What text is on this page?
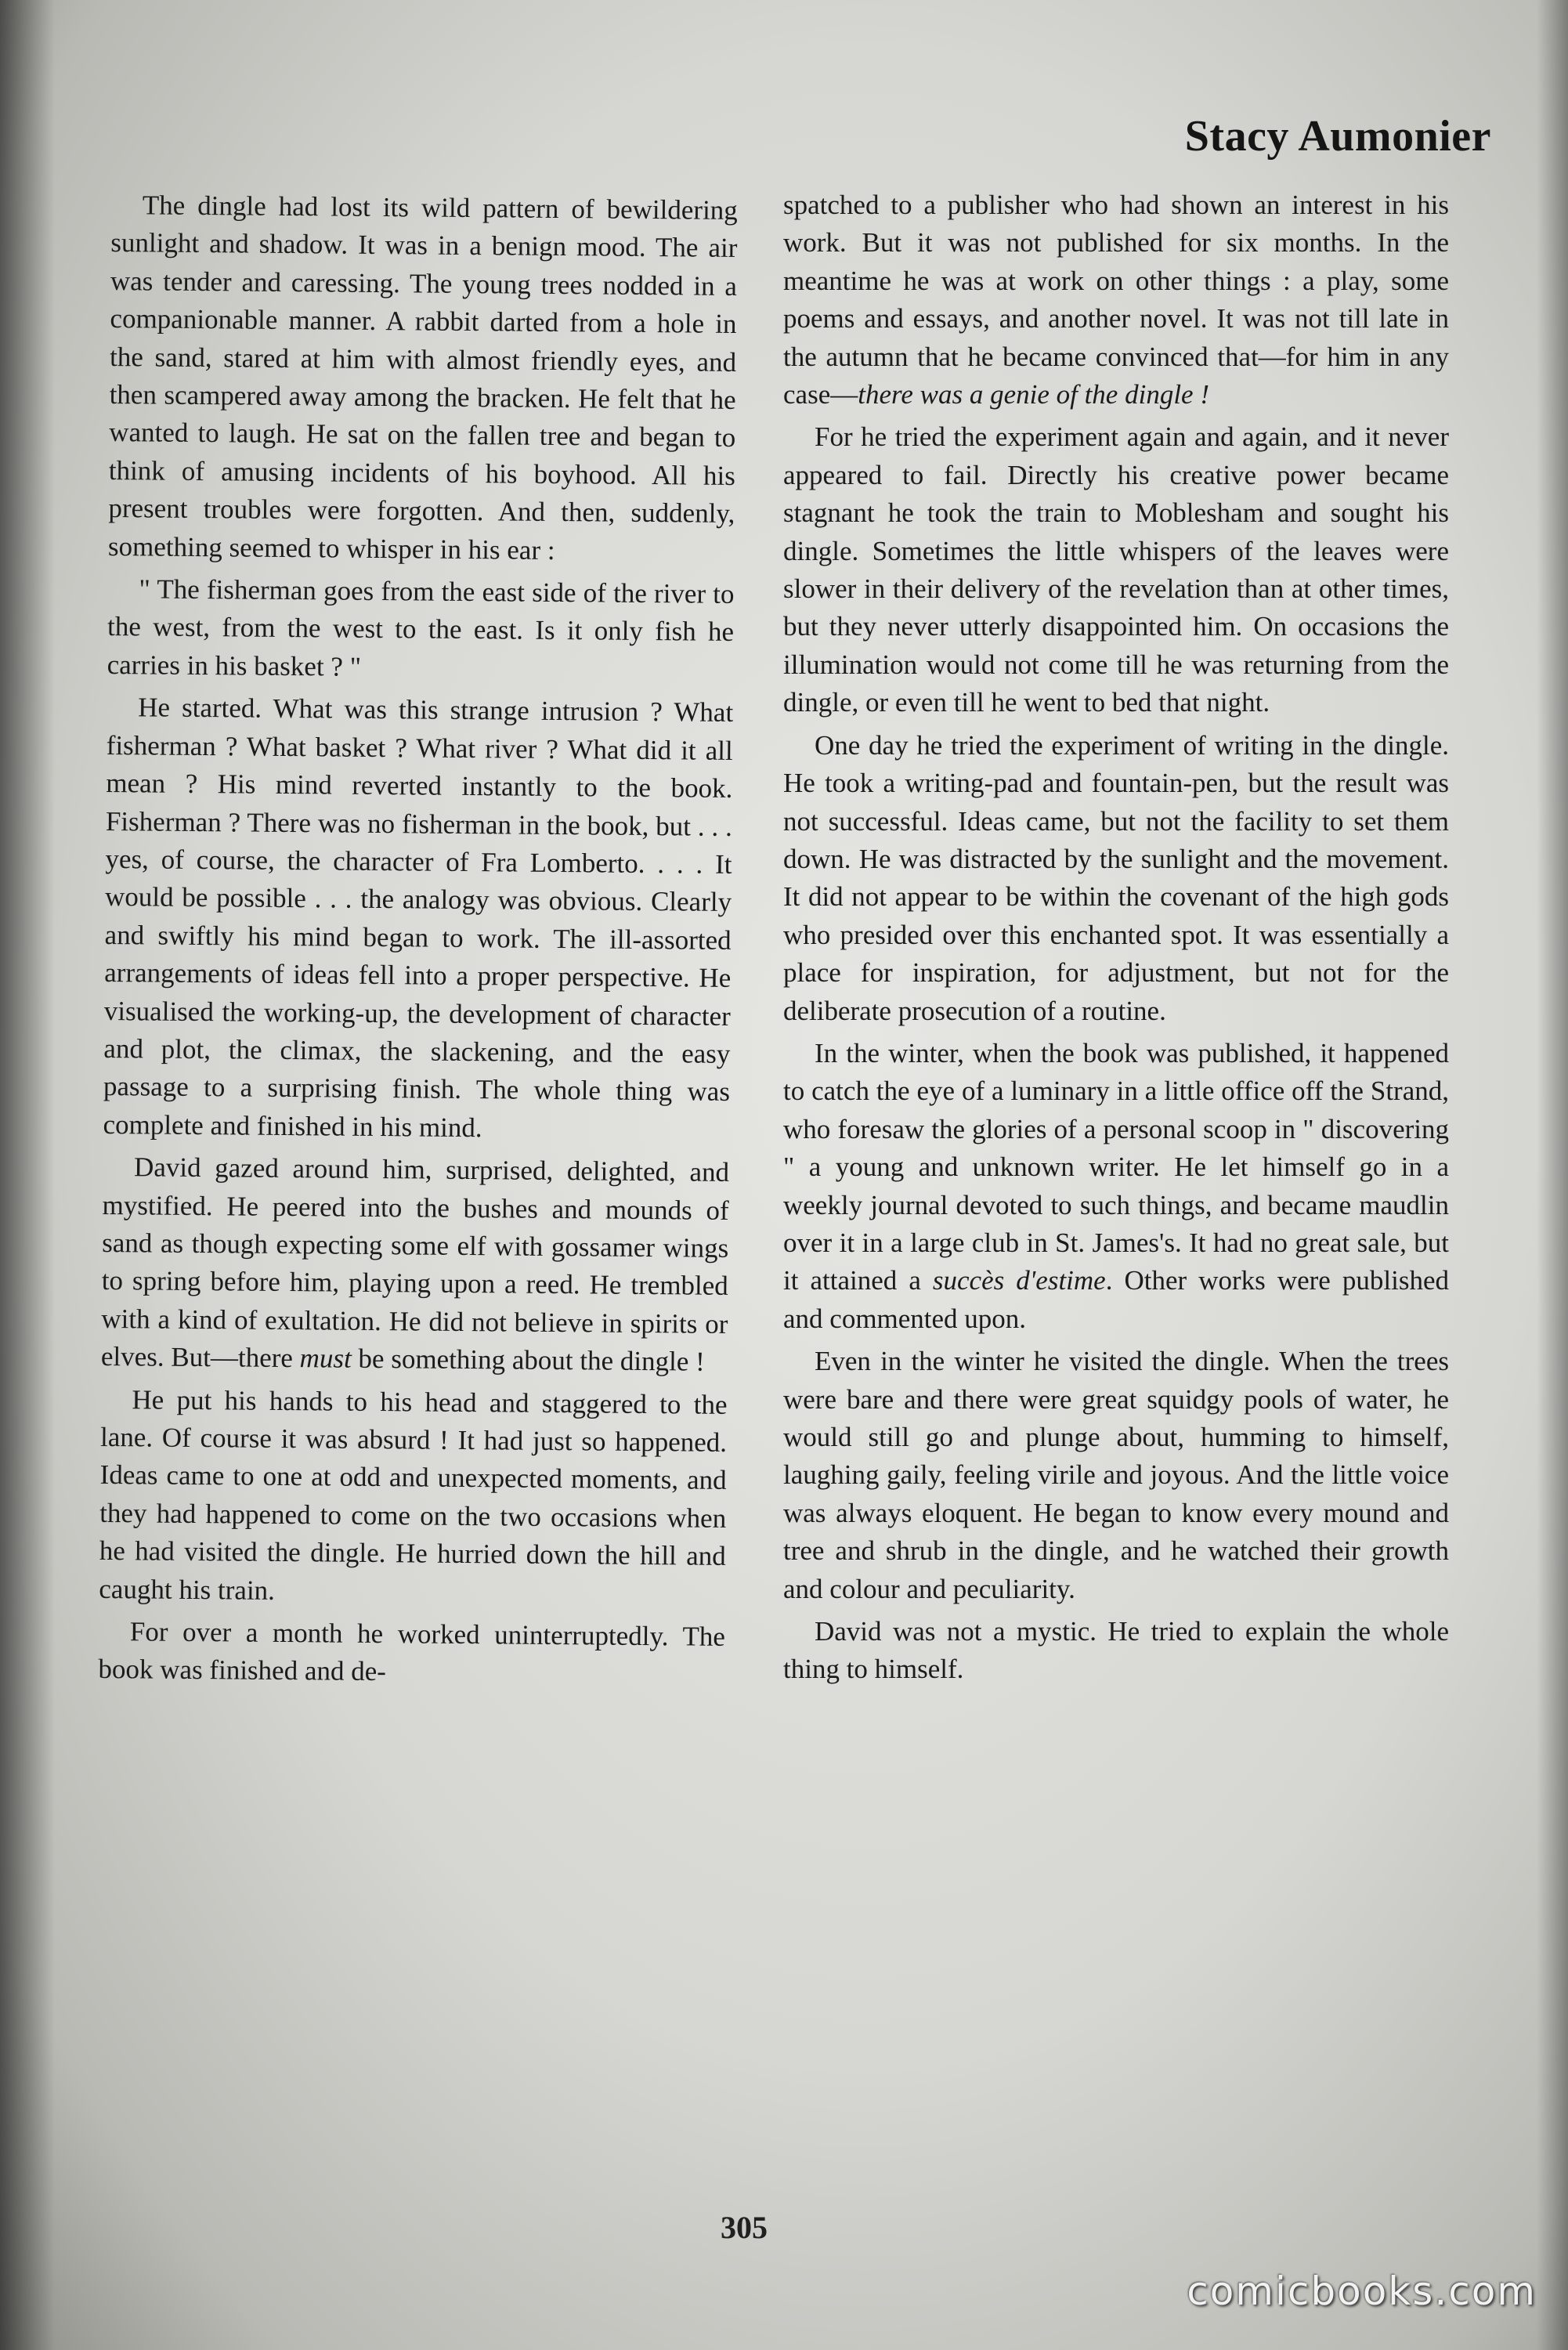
Stacy Aumonier

The dingle had lost its wild pattern of bewildering sunlight and shadow. It was in a benign mood. The air was tender and caressing. The young trees nodded in a companionable manner. A rabbit darted from a hole in the sand, stared at him with almost friendly eyes, and then scampered away among the bracken. He felt that he wanted to laugh. He sat on the fallen tree and began to think of amusing incidents of his boyhood. All his present troubles were forgotten. And then, suddenly, something seemed to whisper in his ear :

" The fisherman goes from the east side of the river to the west, from the west to the east. Is it only fish he carries in his basket ? "

He started. What was this strange intrusion ? What fisherman ? What basket ? What river ? What did it all mean ? His mind reverted instantly to the book. Fisherman ? There was no fisherman in the book, but . . . yes, of course, the character of Fra Lomberto. . . . It would be possible . . . the analogy was obvious. Clearly and swiftly his mind began to work. The ill-assorted arrangements of ideas fell into a proper perspective. He visualised the working-up, the development of character and plot, the climax, the slackening, and the easy passage to a surprising finish. The whole thing was complete and finished in his mind.

David gazed around him, surprised, delighted, and mystified. He peered into the bushes and mounds of sand as though expecting some elf with gossamer wings to spring before him, playing upon a reed. He trembled with a kind of exultation. He did not believe in spirits or elves. But—there must be something about the dingle !

He put his hands to his head and staggered to the lane. Of course it was absurd ! It had just so happened. Ideas came to one at odd and unexpected moments, and they had happened to come on the two occasions when he had visited the dingle. He hurried down the hill and caught his train.

For over a month he worked uninterruptedly. The book was finished and de-

spatched to a publisher who had shown an interest in his work. But it was not published for six months. In the meantime he was at work on other things : a play, some poems and essays, and another novel. It was not till late in the autumn that he became convinced that—for him in any case—there was a genie of the dingle !

For he tried the experiment again and again, and it never appeared to fail. Directly his creative power became stagnant he took the train to Moblesham and sought his dingle. Sometimes the little whispers of the leaves were slower in their delivery of the revelation than at other times, but they never utterly disappointed him. On occasions the illumination would not come till he was returning from the dingle, or even till he went to bed that night.

One day he tried the experiment of writing in the dingle. He took a writing-pad and fountain-pen, but the result was not successful. Ideas came, but not the facility to set them down. He was distracted by the sunlight and the movement. It did not appear to be within the covenant of the high gods who presided over this enchanted spot. It was essentially a place for inspiration, for adjustment, but not for the deliberate prosecution of a routine.

In the winter, when the book was published, it happened to catch the eye of a luminary in a little office off the Strand, who foresaw the glories of a personal scoop in " discovering " a young and unknown writer. He let himself go in a weekly journal devoted to such things, and became maudlin over it in a large club in St. James's. It had no great sale, but it attained a succès d'estime. Other works were published and commented upon.

Even in the winter he visited the dingle. When the trees were bare and there were great squidgy pools of water, he would still go and plunge about, humming to himself, laughing gaily, feeling virile and joyous. And the little voice was always eloquent. He began to know every mound and tree and shrub in the dingle, and he watched their growth and colour and peculiarity.

David was not a mystic. He tried to explain the whole thing to himself.

305
comicbooks.com
